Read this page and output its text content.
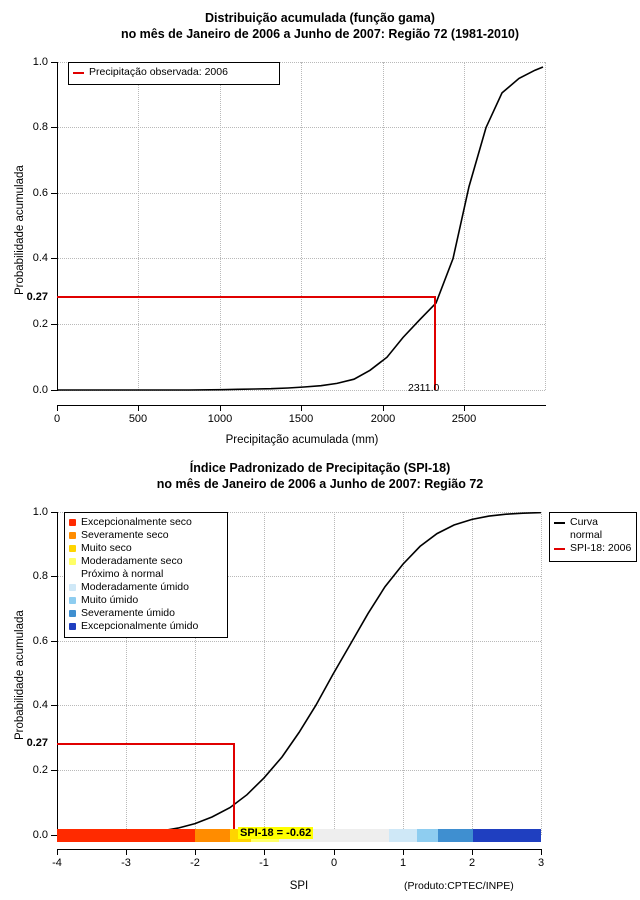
Distribuição acumulada (função gama)
no mês de Janeiro de 2006 a Junho de 2007: Região 72 (1981-2010)
1.0
0.8
0.6
0.4
0.2
0.0
0.27
0	500	1000	1500	2000	2500
Precipitação acumulada (mm)
Probabilidade acumulada
2311.0
Precipitação observada: 2006
Índice Padronizado de Precipitação (SPI-18)
no mês de Janeiro de 2006 a Junho de 2007: Região 72
1.0
0.8
0.6
0.4
0.2
0.0
0.27
-4	-3	-2	-1	0	1	2	3
SPI
Probabilidade acumulada
SPI-18 = -0.62
Excepcionalmente seco
Severamente seco
Muito seco
Moderadamente seco
Próximo à normal
Moderadamente úmido
Muito úmido
Severamente úmido
Excepcionalmente úmido
Curva
normal
SPI-18: 2006
(Produto:CPTEC/INPE)
